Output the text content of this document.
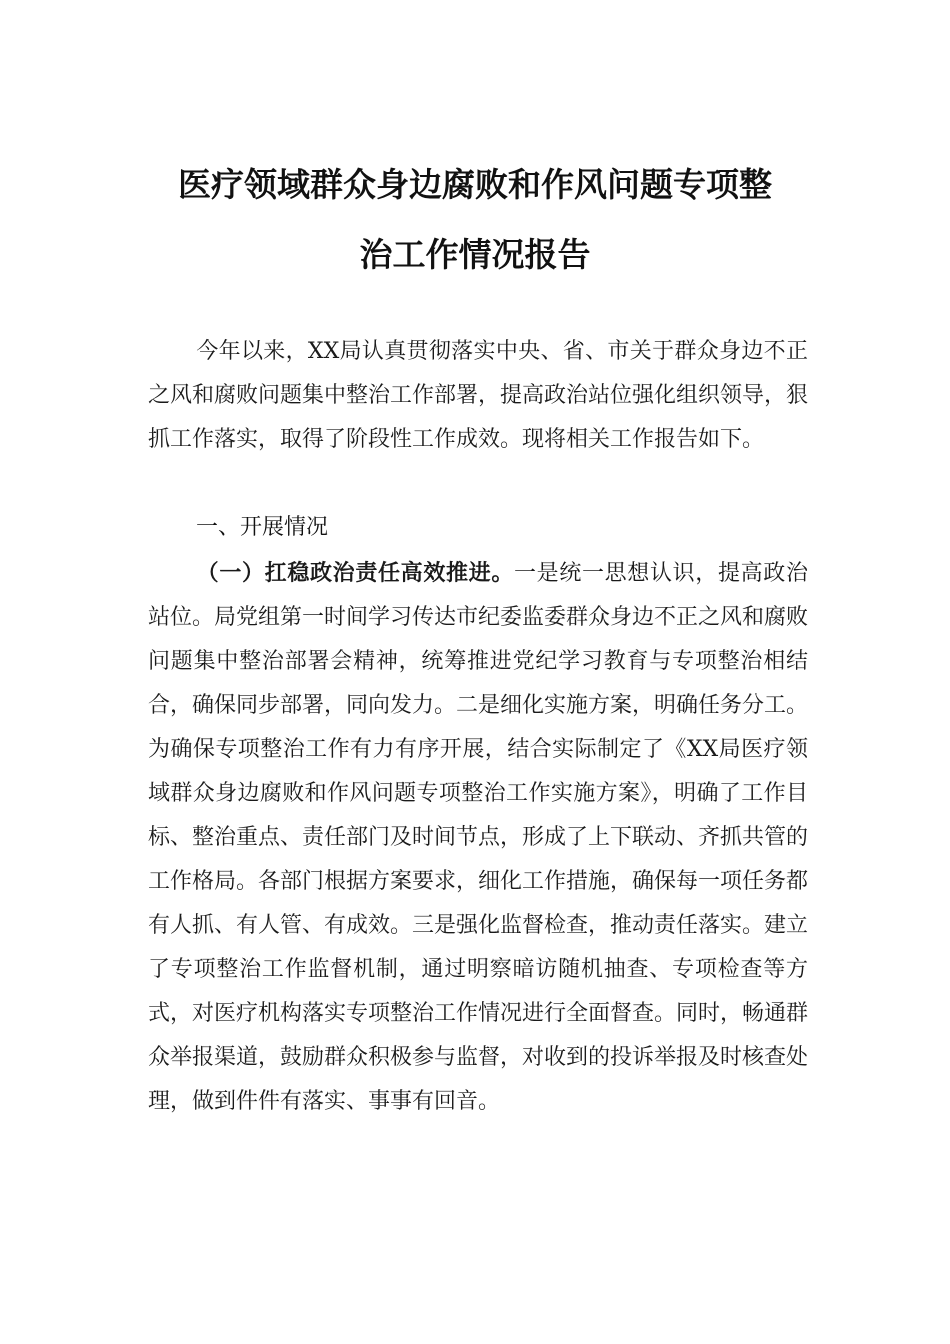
医疗领域群众身边腐败和作风问题专项整
治工作情况报告
今年以来，XX局认真贯彻落实中央、省、市关于群众身边不正之风和腐败问题集中整治工作部署，提高政治站位强化组织领导，狠抓工作落实，取得了阶段性工作成效。现将相关工作报告如下。
一、开展情况
（一）扛稳政治责任高效推进。一是统一思想认识，提高政治站位。局党组第一时间学习传达市纪委监委群众身边不正之风和腐败问题集中整治部署会精神，统筹推进党纪学习教育与专项整治相结合，确保同步部署，同向发力。二是细化实施方案，明确任务分工。为确保专项整治工作有力有序开展，结合实际制定了《XX局医疗领域群众身边腐败和作风问题专项整治工作实施方案》，明确了工作目标、整治重点、责任部门及时间节点，形成了上下联动、齐抓共管的工作格局。各部门根据方案要求，细化工作措施，确保每一项任务都有人抓、有人管、有成效。三是强化监督检查，推动责任落实。建立了专项整治工作监督机制，通过明察暗访随机抽查、专项检查等方式，对医疗机构落实专项整治工作情况进行全面督查。同时，畅通群众举报渠道，鼓励群众积极参与监督，对收到的投诉举报及时核查处理，做到件件有落实、事事有回音。
